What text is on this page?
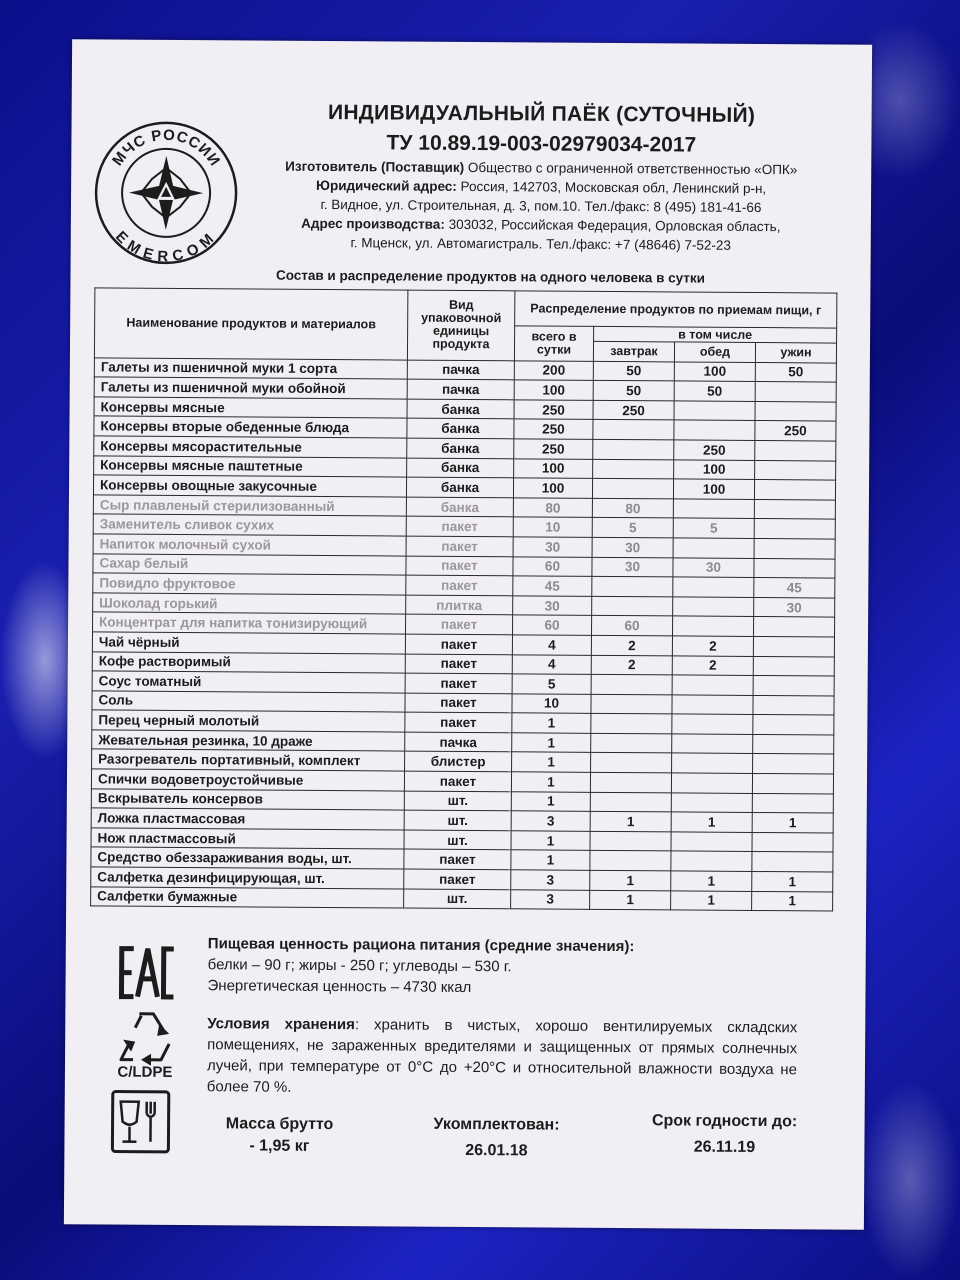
МЧС РОССИИ
EMERCOM
ИНДИВИДУАЛЬНЫЙ ПАЁК (СУТОЧНЫЙ)
ТУ 10.89.19-003-02979034-2017
Изготовитель (Поставщик) Общество с ограниченной ответственностью «ОПК»
Юридический адрес: Россия, 142703, Московская обл, Ленинский р-н,
г. Видное, ул. Строительная, д. 3, пом.10. Тел./факс: 8 (495) 181-41-66
Адрес производства: 303032, Российская Федерация, Орловская область,
г. Мценск, ул. Автомагистраль. Тел./факс: +7 (48646) 7-52-23
Состав и распределение продуктов на одного человека в сутки
Наименование продуктов и материалов	Вид упаковочной единицы продукта	Распределение продуктов по приемам пищи, г			
		всего в сутки	в том числе		
			завтрак	обед	ужин
Галеты из пшеничной муки 1 сорта	пачка	200	50	100	50
Галеты из пшеничной муки обойной	пачка	100	50	50	
Консервы мясные	банка	250	250		
Консервы вторые обеденные блюда	банка	250			250
Консервы мясорастительные	банка	250		250	
Консервы мясные паштетные	банка	100		100	
Консервы овощные закусочные	банка	100		100	
Сыр плавленый стерилизованный	банка	80	80		
Заменитель сливок сухих	пакет	10	5	5	
Напиток молочный сухой	пакет	30	30		
Сахар белый	пакет	60	30	30	
Повидло фруктовое	пакет	45			45
Шоколад горький	плитка	30			30
Концентрат для напитка тонизирующий	пакет	60	60		
Чай чёрный	пакет	4	2	2	
Кофе растворимый	пакет	4	2	2	
Соус томатный	пакет	5			
Соль	пакет	10			
Перец черный молотый	пакет	1			
Жевательная резинка, 10 драже	пачка	1			
Разогреватель портативный, комплект	блистер	1			
Спички водоветроустойчивые	пакет	1			
Вскрыватель консервов	шт.	1			
Ложка пластмассовая	шт.	3	1	1	1
Нож пластмассовый	шт.	1			
Средство обеззараживания воды, шт.	пакет	1			
Салфетка дезинфицирующая, шт.	пакет	3	1	1	1
Салфетки бумажные	шт.	3	1	1	1
C/LDPE
Пищевая ценность рациона питания (средние значения):
белки – 90 г; жиры - 250 г; углеводы – 530 г.
Энергетическая ценность – 4730 ккал
Условия хранения: хранить в чистых, хорошо вентилируемых складских помещениях, не зараженных вредителями и защищенных от прямых солнечных лучей, при температуре от 0°С до +20°С и относительной влажности воздуха не более 70 %.
Масса брутто
- 1,95 кг
Укомплектован:
26.01.18
Срок годности до:
26.11.19
